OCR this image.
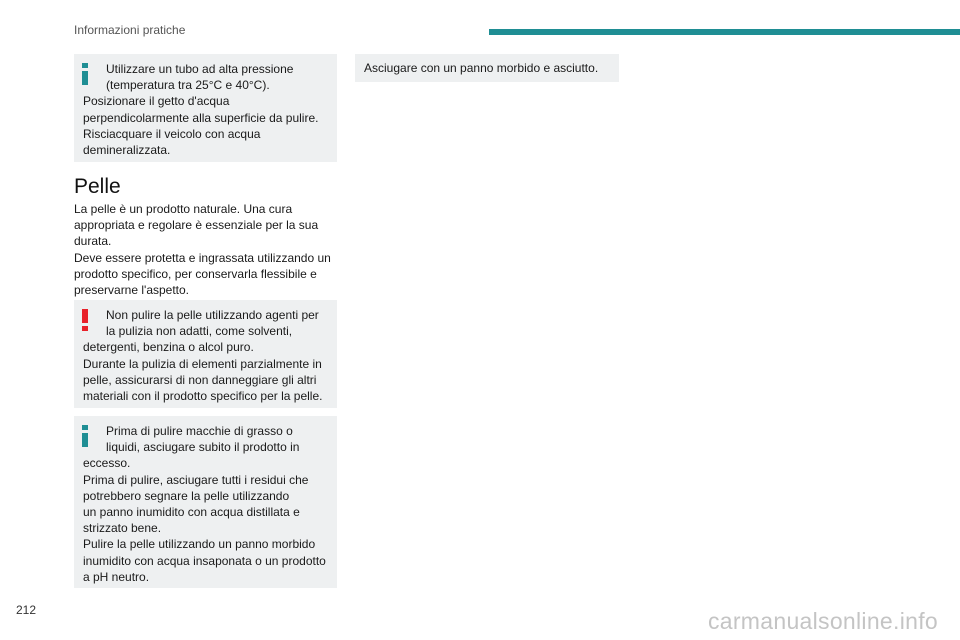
Informazioni pratiche
Utilizzare un tubo ad alta pressione
(temperatura tra 25°C e 40°C).
Posizionare il getto d'acqua
perpendicolarmente alla superficie da pulire.
Risciacquare il veicolo con acqua
demineralizzata.
Pelle
La pelle è un prodotto naturale. Una cura
appropriata e regolare è essenziale per la sua
durata.
Deve essere protetta e ingrassata utilizzando un
prodotto specifico, per conservarla flessibile e
preservarne l'aspetto.
Non pulire la pelle utilizzando agenti per
la pulizia non adatti, come solventi,
detergenti, benzina o alcol puro.
Durante la pulizia di elementi parzialmente in
pelle, assicurarsi di non danneggiare gli altri
materiali con il prodotto specifico per la pelle.
Prima di pulire macchie di grasso o
liquidi, asciugare subito il prodotto in
eccesso.
Prima di pulire, asciugare tutti i residui che
potrebbero segnare la pelle utilizzando
un panno inumidito con acqua distillata e
strizzato bene.
Pulire la pelle utilizzando un panno morbido
inumidito con acqua insaponata o un prodotto
a pH neutro.
Asciugare con un panno morbido e asciutto.
212	carmanualsonline.info
